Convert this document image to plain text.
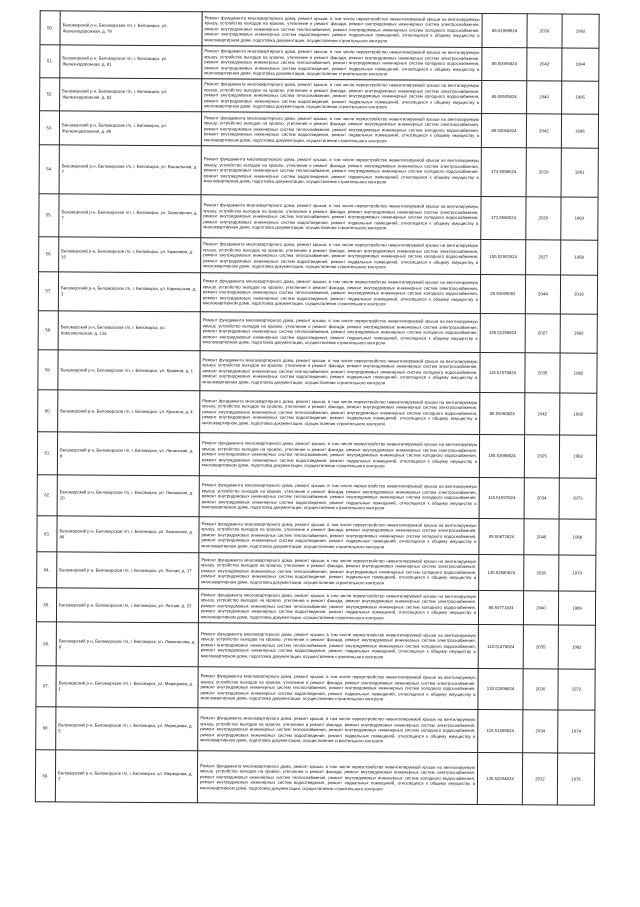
50.	Беломорский р-н, Беломорское г/п, г. Беломорск, ул. Железнодорожная, д. 79	Ремонт фундамента многоквартирного дома, ремонт крыши, в том числе переустройство невентилируемой крыши на вентилируемую крышу, устройство выходов на кровлю, утепление и ремонт фасада, ремонт внутридомовых инженерных систем электроснабжения, ремонт внутридомовых инженерных систем теплоснабжения, ремонт внутридомовых инженерных систем холодного водоснабжения, ремонт внутридомовых инженерных систем водоотведения, ремонт подвальных помещений, относящихся к общему имуществу в многоквартирном доме, подготовка документации, осуществление строительного контроля	85.61998624	2039	1992
51.	Беломорский р-н, Беломорское г/п, г. Беломорск, ул. Железнодорожная, д. 81	Ремонт фундамента многоквартирного дома, ремонт крыши, в том числе переустройство невентилируемой крыши на вентилируемую крышу, устройство выходов на кровлю, утепление и ремонт фасада, ремонт внутридомовых инженерных систем электроснабжения, ремонт внутридомовых инженерных систем теплоснабжения, ремонт внутридомовых инженерных систем холодного водоснабжения, ремонт внутридомовых инженерных систем водоотведения, ремонт подвальных помещений, относящихся к общему имуществу в многоквартирном доме, подготовка документации, осуществление строительного контроля	85.50066824	2042	1994
52.	Беломорский р-н, Беломорское г/п, г. Беломорск, ул. Железнодорожная, д. 83	Ремонт фундамента многоквартирного дома, ремонт крыши, в том числе переустройство невентилируемой крыши на вентилируемую крышу, устройство выходов на кровлю, утепление и ремонт фасада, ремонт внутридомовых инженерных систем электроснабжения, ремонт внутридомовых инженерных систем теплоснабжения, ремонт внутридомовых инженерных систем холодного водоснабжения, ремонт внутридомовых инженерных систем водоотведения, ремонт подвальных помещений, относящихся к общему имуществу в многоквартирном доме, подготовка документации, осуществление строительного контроля	85.50505824	2040	1995
53.	Беломорский р-н, Беломорское г/п, г. Беломорск, ул. Железнодорожная, д. 86	Ремонт фундамента многоквартирного дома, ремонт крыши, в том числе переустройство невентилируемой крыши на вентилируемую крышу, устройство выходов на кровлю, утепление и ремонт фасада, ремонт внутридомовых инженерных систем электроснабжения, ремонт внутридомовых инженерных систем теплоснабжения, ремонт внутридомовых инженерных систем холодного водоснабжения, ремонт внутридомовых инженерных систем водоотведения, ремонт подвальных помещений, относящихся к общему имуществу в многоквартирном доме, подготовка документации, осуществление строительного контроля	85.50064824	2042	1996
54.	Беломорский р-н, Беломорское г/п, г. Беломорск, ул. Вокзальная, д. 7	Ремонт фундамента многоквартирного дома, ремонт крыши, в том числе переустройство невентилируемой крыши на вентилируемую крышу, устройство выходов на кровлю, утепление и ремонт фасада, ремонт внутридомовых инженерных систем электроснабжения, ремонт внутридомовых инженерных систем теплоснабжения, ремонт внутридомовых инженерных систем холодного водоснабжения, ремонт внутридомовых инженерных систем водоотведения, ремонт подвальных помещений, относящихся к общему имуществу в многоквартирном доме, подготовка документации, осуществление строительного контроля	173.5598624	2019	1961
55.	Беломорский р-н, Беломорское г/п, г. Беломорск, ул. Заполярная, д. 7	Ремонт фундамента многоквартирного дома, ремонт крыши, в том числе переустройство невентилируемой крыши на вентилируемую крышу, устройство выходов на кровлю, утепление и ремонт фасада, ремонт внутридомовых инженерных систем электроснабжения, ремонт внутридомовых инженерных систем теплоснабжения, ремонт внутридомовых инженерных систем холодного водоснабжения, ремонт внутридомовых инженерных систем водоотведения, ремонт подвальных помещений, относящихся к общему имуществу в многоквартирном доме, подготовка документации, осуществление строительного контроля	173.5598024	2020	1960
56.	Беломорский р-н, Беломорское г/п, г. Беломорск, ул. Каменева, д. 16	Ремонт фундамента многоквартирного дома, ремонт крыши, в том числе переустройство невентилируемой крыши на вентилируемую крышу, устройство выходов на кровлю, утепление и ремонт фасада, ремонт внутридомовых инженерных систем электроснабжения, ремонт внутридомовых инженерных систем теплоснабжения, ремонт внутридомовых инженерных систем холодного водоснабжения, ремонт внутридомовых инженерных систем водоотведения, ремонт подвальных помещений, относящихся к общему имуществу в многоквартирном доме, подготовка документации, осуществление строительного контроля	155.52902624	2027	1958
57.	Беломорский р-н, Беломорское г/п, г. Беломорск, ул. Карельская, д. 3	Ремонт фундамента многоквартирного дома, ремонт крыши, в том числе переустройство невентилируемой крыши на вентилируемую крышу, устройство выходов на кровлю, утепление и ремонт фасада, ремонт внутридомовых инженерных систем электроснабжения, ремонт внутридомовых инженерных систем теплоснабжения, ремонт внутридомовых инженерных систем холодного водоснабжения, ремонт внутридомовых инженерных систем водоотведения, ремонт подвальных помещений, относящихся к общему имуществу в многоквартирном доме, подготовка документации, осуществление строительного контроля	25.50059092	2044	2016
58.	Беломорский р-н, Беломорское г/п, г. Беломорск, ул. Комсомольская, д. 13а	Ремонт фундамента многоквартирного дома, ремонт крыши, в том числе переустройство невентилируемой крыши на вентилируемую крышу, устройство выходов на кровлю, утепление и ремонт фасада, ремонт внутридомовых инженерных систем электроснабжения, ремонт внутридомовых инженерных систем теплоснабжения, ремонт внутридомовых инженерных систем холодного водоснабжения, ремонт внутридомовых инженерных систем водоотведения, ремонт подвальных помещений, относящихся к общему имуществу в многоквартирном доме, подготовка документации, осуществление строительного контроля	155.52269824	2027	1962
59.	Беломорский р-н, Беломорское г/п, г. Беломорск, ул. Кравена, д. 1	Ремонт фундамента многоквартирного дома, ремонт крыши, в том числе переустройство невентилируемой крыши на вентилируемую крышу, устройство выходов на кровлю, утепление и ремонт фасада, ремонт внутридомовых инженерных систем электроснабжения, ремонт внутридомовых инженерных систем теплоснабжения, ремонт внутридомовых инженерных систем холодного водоснабжения, ремонт внутридомовых инженерных систем водоотведения, ремонт подвальных помещений, относящихся к общему имуществу в многоквартирном доме, подготовка документации, осуществление строительного контроля	115.51578824	2035	1982
60.	Беломорский р-н, Беломорское г/п, г. Беломорск, ул. Красина, д. 4	Ремонт фундамента многоквартирного дома, ремонт крыши, в том числе переустройство невентилируемой крыши на вентилируемую крышу, устройство выходов на кровлю, утепление и ремонт фасада, ремонт внутридомовых инженерных систем электроснабжения, ремонт внутридомовых инженерных систем теплоснабжения, ремонт внутридомовых инженерных систем холодного водоснабжения, ремонт внутридомовых инженерных систем водоотведения, ремонт подвальных помещений, относящихся к общему имуществу в многоквартирном доме, подготовка документации, осуществление строительного контроля	85.50068824	2042	1992
61.	Беломорский р-н, Беломорское г/п, г. Беломорск, ул. Ленинская, д. 8	Ремонт фундамента многоквартирного дома, ремонт крыши, в том числе переустройство невентилируемой крыши на вентилируемую крышу, устройство выходов на кровлю, утепление и ремонт фасада, ремонт внутридомовых инженерных систем электроснабжения, ремонт внутридомовых инженерных систем теплоснабжения, ремонт внутридомовых инженерных систем холодного водоснабжения, ремонт внутридомовых инженерных систем водоотведения, ремонт подвальных помещений, относящихся к общему имуществу в многоквартирном доме, подготовка документации, осуществление строительного контроля	155.53998824	2025	1962
62.	Беломорский р-н, Беломорское г/п, г. Беломорск, ул. Ленинская, д. 10	Ремонт фундамента многоквартирного дома, ремонт крыши, в том числе переустройство невентилируемой крыши на вентилируемую крышу, устройство выходов на кровлю, утепление и ремонт фасада, ремонт внутридомовых инженерных систем электроснабжения, ремонт внутридомовых инженерных систем теплоснабжения, ремонт внутридомовых инженерных систем холодного водоснабжения, ремонт внутридомовых инженерных систем водоотведения, ремонт подвальных помещений, относящихся к общему имуществу в многоквартирном доме, подготовка документации, осуществление строительного контроля	115.51697824	2034	1973
63.	Беломорский р-н, Беломорское г/п, г. Беломорск, ул. Ленинская, д. 49	Ремонт фундамента многоквартирного дома, ремонт крыши, в том числе переустройство невентилируемой крыши на вентилируемую крышу, устройство выходов на кровлю, утепление и ремонт фасада, ремонт внутридомовых инженерных систем электроснабжения, ремонт внутридомовых инженерных систем теплоснабжения, ремонт внутридомовых инженерных систем холодного водоснабжения, ремонт внутридомовых инженерных систем водоотведения, ремонт подвальных помещений, относящихся к общему имуществу в многоквартирном доме, подготовка документации, осуществление строительного контроля	65.50872824	2046	1968
64.	Беломорский р-н, Беломорское г/п, г. Беломорск, ул. Летная, д. 17	Ремонт фундамента многоквартирного дома, ремонт крыши, в том числе переустройство невентилируемой крыши на вентилируемую крышу, устройство выходов на кровлю, утепление и ремонт фасада, ремонт внутридомовых инженерных систем электроснабжения, ремонт внутридомовых инженерных систем теплоснабжения, ремонт внутридомовых инженерных систем холодного водоснабжения, ремонт внутридомовых инженерных систем водоотведения, ремонт подвальных помещений, относящихся к общему имуществу в многоквартирном доме, подготовка документации, осуществление строительного контроля	135.52680824	2030	1970
65.	Беломорский р-н, Беломорское г/п, г. Беломорск, ул. Летная, д. 23	Ремонт фундамента многоквартирного дома, ремонт крыши, в том числе переустройство невентилируемой крыши на вентилируемую крышу, устройство выходов на кровлю, утепление и ремонт фасада, ремонт внутридомовых инженерных систем электроснабжения, ремонт внутридомовых инженерных систем теплоснабжения, ремонт внутридомовых инженерных систем холодного водоснабжения, ремонт внутридомовых инженерных систем водоотведения, ремонт подвальных помещений, относящихся к общему имуществу в многоквартирном доме, подготовка документации, осуществление строительного контроля	85.50771824	2040	1989
66.	Беломорский р-н, Беломорское г/п, г. Беломорск, ул. Ломоносова, д. 8	Ремонт фундамента многоквартирного дома, ремонт крыши, в том числе переустройство невентилируемой крыши на вентилируемую крышу, устройство выходов на кровлю, утепление и ремонт фасада, ремонт внутридомовых инженерных систем электроснабжения, ремонт внутридомовых инженерных систем теплоснабжения, ремонт внутридомовых инженерных систем холодного водоснабжения, ремонт внутридомовых инженерных систем водоотведения, ремонт подвальных помещений, относящихся к общему имуществу в многоквартирном доме, подготовка документации, осуществление строительного контроля	115.51478824	2035	1982
67.	Беломорский р-н, Беломорское г/п, г. Беломорск, ул. Мерецкова, д. 1	Ремонт фундамента многоквартирного дома, ремонт крыши, в том числе переустройство невентилируемой крыши на вентилируемую крышу, устройство выходов на кровлю, утепление и ремонт фасада, ремонт внутридомовых инженерных систем электроснабжения, ремонт внутридомовых инженерных систем теплоснабжения, ремонт внутридомовых инженерных систем холодного водоснабжения, ремонт внутридомовых инженерных систем водоотведения, ремонт подвальных помещений, относящихся к общему имуществу в многоквартирном доме, подготовка документации, осуществление строительного контроля	135.52698824	2030	1972
68.	Беломорский р-н, Беломорское г/п, г. Беломорск, ул. Мерецкова, д. 5	Ремонт фундамента многоквартирного дома, ремонт крыши, в том числе переустройство невентилируемой крыши на вентилируемую крышу, устройство выходов на кровлю, утепление и ремонт фасада, ремонт внутридомовых инженерных систем электроснабжения, ремонт внутридомовых инженерных систем теплоснабжения, ремонт внутридомовых инженерных систем холодного водоснабжения, ремонт внутридомовых инженерных систем водоотведения, ремонт подвальных помещений, относящихся к общему имуществу в многоквартирном доме, подготовка документации, осуществление строительного контроля	115.51669824	2034	1974
69.	Беломорский р-н, Беломорское г/п, г. Беломорск, ул. Мерецкова, д. 7	Ремонт фундамента многоквартирного дома, ремонт крыши, в том числе переустройство невентилируемой крыши на вентилируемую крышу, устройство выходов на кровлю, утепление и ремонт фасада, ремонт внутридомовых инженерных систем электроснабжения, ремонт внутридомовых инженерных систем теплоснабжения, ремонт внутридомовых инженерных систем холодного водоснабжения, ремонт внутридомовых инженерных систем водоотведения, ремонт подвальных помещений, относящихся к общему имуществу в многоквартирном доме, подготовка документации, осуществление строительного контроля	135.52004824	2032	1976
